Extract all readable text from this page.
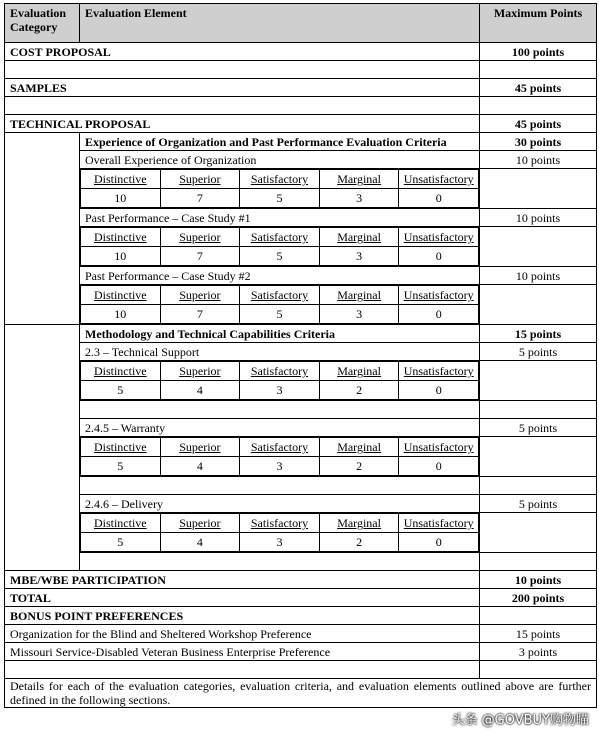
Evaluation Category	Evaluation Element	Maximum Points
COST PROPOSAL	100 points

SAMPLES	45 points

TECHNICAL PROPOSAL	45 points
	Experience of Organization and Past Performance Evaluation Criteria	30 points
Overall Experience of Organization	10 points

Distinctive	Superior	Satisfactory	Marginal	Unsatisfactory
10	7	5	3	0

Past Performance – Case Study #1	10 points

Distinctive	Superior	Satisfactory	Marginal	Unsatisfactory
10	7	5	3	0

Past Performance – Case Study #2	10 points

Distinctive	Superior	Satisfactory	Marginal	Unsatisfactory
10	7	5	3	0

	Methodology and Technical Capabilities Criteria	15 points
2.3 – Technical Support	5 points

Distinctive	Superior	Satisfactory	Marginal	Unsatisfactory
5	4	3	2	0

2.4.5 – Warranty	5 points

Distinctive	Superior	Satisfactory	Marginal	Unsatisfactory
5	4	3	2	0

2.4.6 – Delivery	5 points

Distinctive	Superior	Satisfactory	Marginal	Unsatisfactory
5	4	3	2	0

MBE/WBE PARTICIPATION	10 points
TOTAL	200 points
BONUS POINT PREFERENCES	
Organization for the Blind and Sheltered Workshop Preference	15 points
Missouri Service-Disabled Veteran Business Enterprise Preference	3 points

Details for each of the evaluation categories, evaluation criteria, and evaluation elements outlined above are further defined in the following sections.
头条 @GOVBUY购物瞄
